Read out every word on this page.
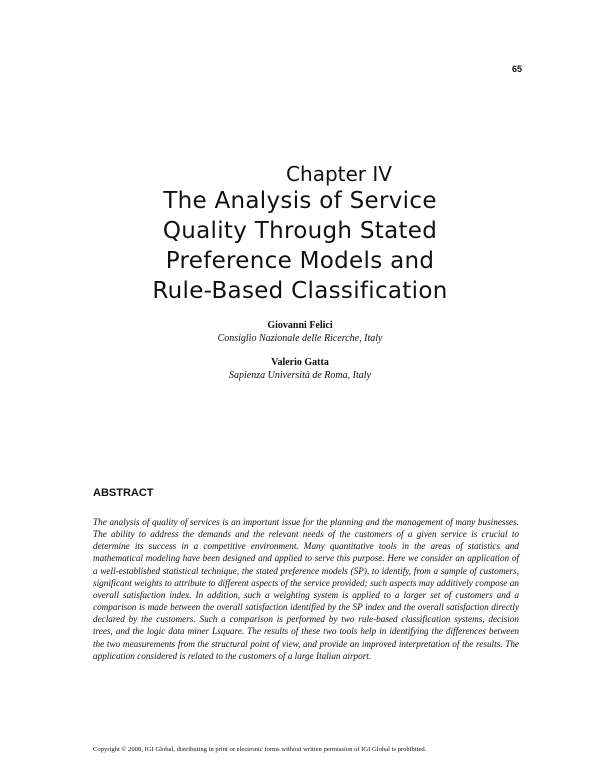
65
Chapter IV
The Analysis of Service
Quality Through Stated
Preference Models and
Rule-Based Classification
Giovanni Felici
Consiglio Nazionale delle Ricerche, Italy
Valerio Gatta
Sapienza Università de Roma, Italy
ABSTRACT
The analysis of quality of services is an important issue for the planning and the management of many businesses. The ability to address the demands and the relevant needs of the customers of a given service is crucial to determine its success in a competitive environment. Many quantitative tools in the areas of statistics and mathematical modeling have been designed and applied to serve this purpose. Here we consider an application of a well-established statistical technique, the stated preference models (SP), to identify, from a sample of customers, significant weights to attribute to different aspects of the service provided; such aspects may additively compose an overall satisfaction index. In addition, such a weighting system is applied to a larger set of customers and a comparison is made between the overall satisfaction identified by the SP index and the overall satisfaction directly declared by the customers. Such a comparison is performed by two rule-based classification systems, decision trees, and the logic data miner Lsquare. The results of these two tools help in identifying the differences between the two measurements from the structural point of view, and provide an improved interpretation of the results. The application considered is related to the customers of a large Italian airport.
Copyright © 2008, IGI Global, distributing in print or electronic forms without written permission of IGI Global is prohibited.
